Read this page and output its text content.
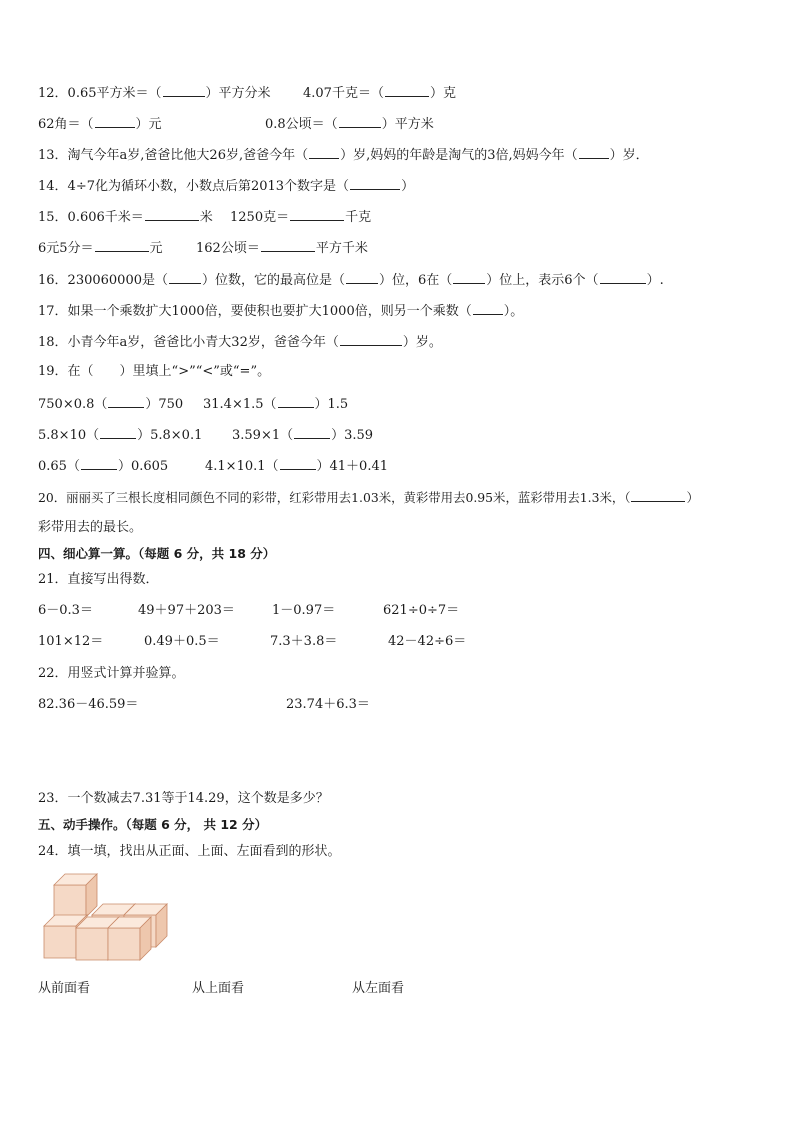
12．0.65平方米＝（	）平方分米 4.07千克＝（	）克
62角＝（	）元	0.8公顷＝（	）平方米
13．淘气今年a岁,爸爸比他大26岁,爸爸今年（ ）岁,妈妈的年龄是淘气的3倍,妈妈今年（ ）岁．
14．4÷7化为循环小数，小数点后第2013个数字是（	）
15．0.606千米＝	米 1250克＝	千克
6元5分＝	元	162公顷＝	平方千米
16．230060000是（	）位数，它的最高位是（	）位，6在（	）位上，表示6个（	）.
17．如果一个乘数扩大1000倍，要使积也要扩大1000倍，则另一个乘数（ ）。
18．小青今年a岁，爸爸比小青大32岁，爸爸今年（	）岁。
19．在（　　）里填上“>”“<”或“=”。
750×0.8（	）750 31.4×1.5（	）1.5
5.8×10（	）5.8×0.1 3.59×1（	）3.59
0.65（	）0.605	4.1×10.1（	）41＋0.41
20．丽丽买了三根长度相同颜色不同的彩带，红彩带用去1.03米，黄彩带用去0.95米，蓝彩带用去1.3米，（	）
彩带用去的最长。
四、细心算一算。（每题 6 分，共 18 分）
21．直接写出得数．
6－0.3＝	49＋97＋203＝	1－0.97＝	621÷0÷7＝
101×12＝	0.49＋0.5＝	7.3＋3.8＝	42－42÷6＝
22．用竖式计算并验算。
82.36－46.59＝	23.74＋6.3＝
23．一个数减去7.31等于14.29，这个数是多少？
五、动手操作。（每题 6 分， 共 12 分）
24．填一填，找出从正面、上面、左面看到的形状。
从前面看	从上面看	从左面看
